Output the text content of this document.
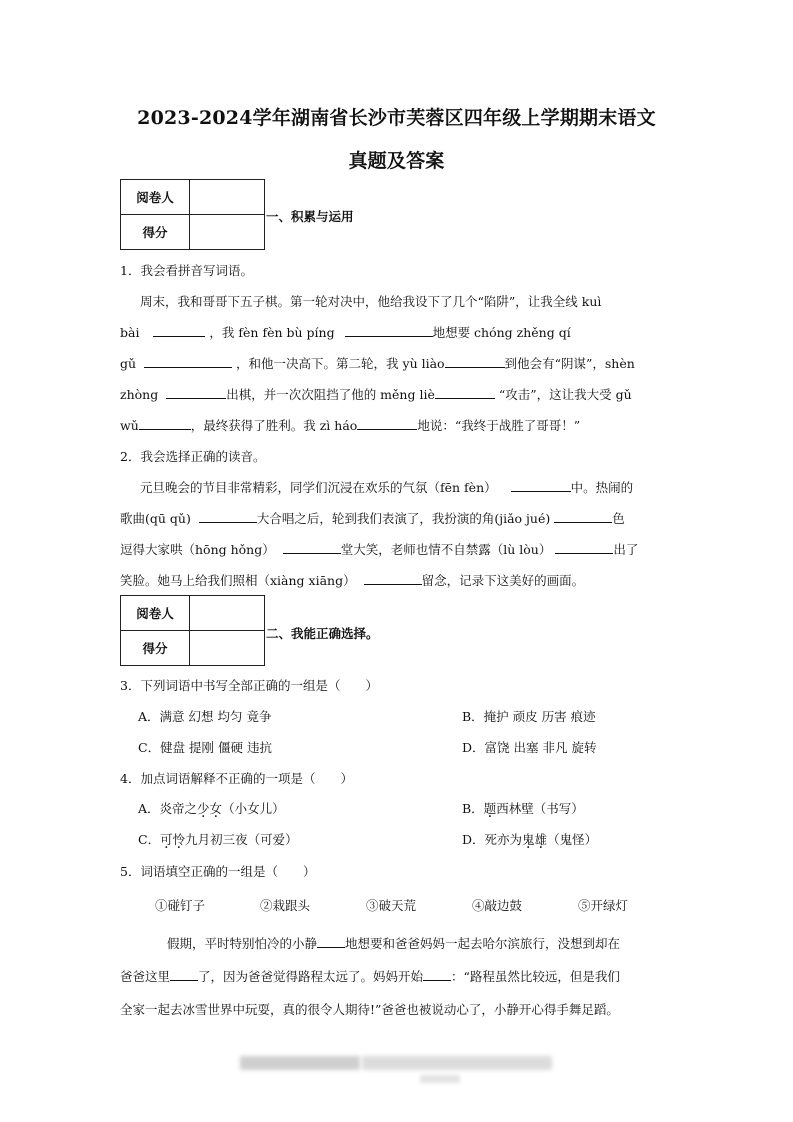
2023-2024学年湖南省长沙市芙蓉区四年级上学期期末语文
真题及答案
阅卷人	
得分	
一、积累与运用
1．我会看拼音写词语。
周末，我和哥哥下五子棋。第一轮对决中，他给我设下了几个“陷阱”，让我全线 kuì
bài	，我 fèn fèn bù píng	地想要 chóng zhěng qí
gǔ	，和他一决高下。第二轮，我 yù liào	到他会有“阴谋”，shèn
zhòng	出棋，并一次次阻挡了他的 měng liè	“攻击”，这让我大受 gǔ
wǔ	，最终获得了胜利。我 zì háo	地说：“我终于战胜了哥哥！”
2．我会选择正确的读音。
元旦晚会的节目非常精彩，同学们沉浸在欢乐的气氛（fēn fèn）	中。热闹的
歌曲(qū qǔ)	大合唱之后，轮到我们表演了，我扮演的角(jiǎo jué)	色
逗得大家哄（hōng hǒng）	堂大笑，老师也情不自禁露（lù lòu）	出了
笑脸。她马上给我们照相（xiàng xiāng）	留念，记录下这美好的画面。
阅卷人	
得分	
二、我能正确选择。
3．下列词语中书写全部正确的一组是（　　）
A．满意 幻想 均匀 竟争	B．掩护 顽皮 历害 痕迹
C．健盘 提刚 僵硬 违抗	D．富饶 出塞 非凡 旋转
4．加点词语解释不正确的一项是（　　）
A．炎帝之少女（小女儿）	B．题西林壁（书写）
C．可怜九月初三夜（可爱）	D．死亦为鬼雄（鬼怪）
5．词语填空正确的一组是（　　）
①碰钉子	②栽跟头	③破天荒	④敲边鼓	⑤开绿灯
假期，平时特别怕冷的小静 地想要和爸爸妈妈一起去哈尔滨旅行，没想到却在
爸爸这里 了，因为爸爸觉得路程太远了。妈妈开始 ：“路程虽然比较远，但是我们
全家一起去冰雪世界中玩耍，真的很令人期待!”爸爸也被说动心了，小静开心得手舞足蹈。
